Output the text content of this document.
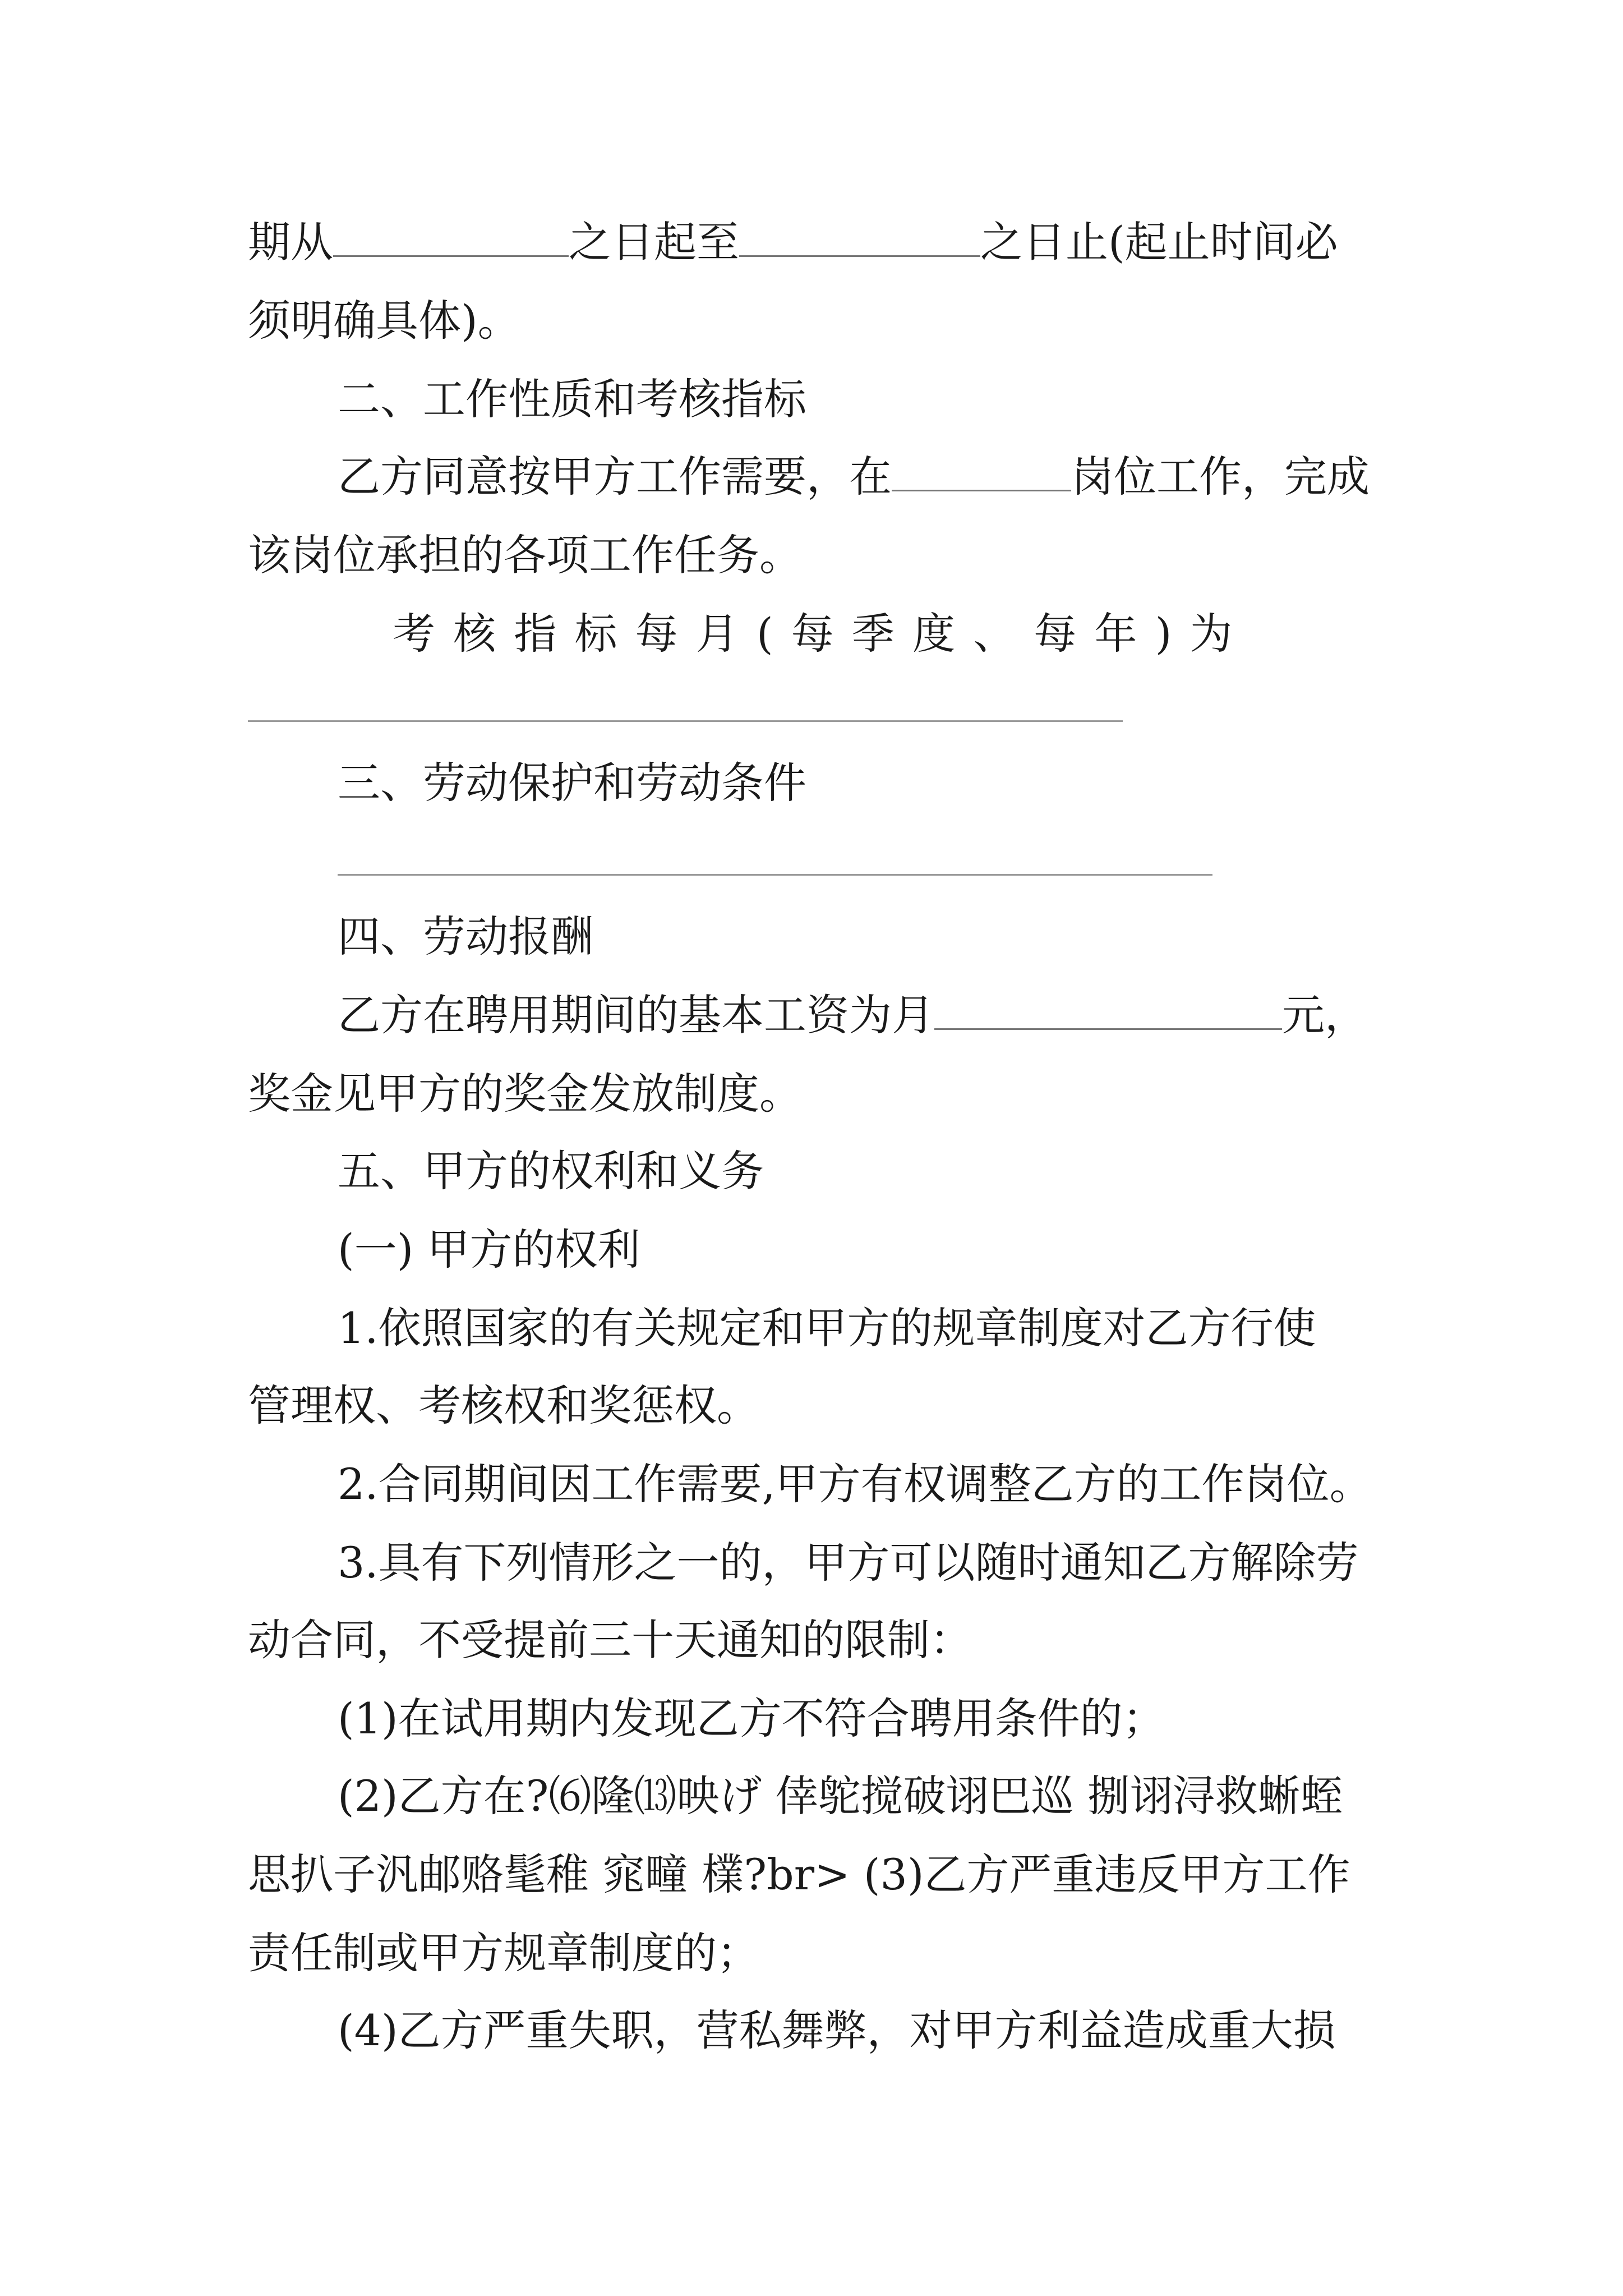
期从	之日起至	之日止(起止时间必
须明确具体)。
二、工作性质和考核指标
乙方同意按甲方工作需要，在	岗位工作，完成
该岗位承担的各项工作任务。
考 核 指 标 每 月 ( 每 季 度 、 每 年 ) 为
三、劳动保护和劳动条件
四、劳动报酬
乙方在聘用期间的基本工资为月	元，
奖金见甲方的奖金发放制度。
五、甲方的权利和义务
(一) 甲方的权利
1.依照国家的有关规定和甲方的规章制度对乙方行使
管理权、考核权和奖惩权。
2.合同期间因工作需要,甲方有权调整乙方的工作岗位。
3.具有下列情形之一的，甲方可以随时通知乙方解除劳
动合同，不受提前三十天通知的限制：
(1)在试用期内发现乙方不符合聘用条件的；
(2)乙方在?⑹隆⒀映げ 倖鸵搅破诩巴巡 捌诩浔救蜥蛭
思扒子汎邮赂髦稚 窕疃 檏?br> (3)乙方严重违反甲方工作
责任制或甲方规章制度的；
(4)乙方严重失职，营私舞弊，对甲方利益造成重大损
